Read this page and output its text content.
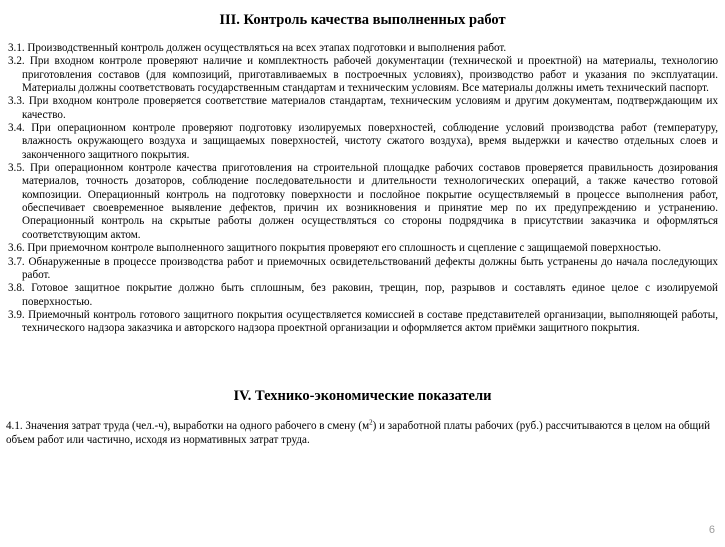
III. Контроль качества выполненных работ

3.1. Производственный контроль должен осуществляться на всех этапах подготовки и выполнения работ.

3.2. При входном контроле проверяют наличие и комплектность рабочей документации (технической и проектной) на материалы, технологию приготовления составов (для композиций, приготавливаемых в построечных условиях), производство работ и указания по эксплуатации. Материалы должны соответствовать государственным стандартам и техническим условиям. Все материалы должны иметь технический паспорт.

3.3. При входном контроле проверяется соответствие материалов стандартам, техническим условиям и другим документам, подтверждающим их качество.

3.4. При операционном контроле проверяют подготовку изолируемых поверхностей, соблюдение условий производства работ (температуру, влажность окружающего воздуха и защищаемых поверхностей, чистоту сжатого воздуха), время выдержки и качество отдельных слоев и законченного защитного покрытия.

3.5. При операционном контроле качества приготовления на строительной площадке рабочих составов проверяется правильность дозирования материалов, точность дозаторов, соблюдение последовательности и длительности технологических операций, а также качество готовой композиции. Операционный контроль на подготовку поверхности и послойное покрытие осуществляемый в процессе выполнения работ, обеспечивает своевременное выявление дефектов, причин их возникновения и принятие мер по их предупреждению и устранению. Операционный контроль на скрытые работы должен осуществляться со стороны подрядчика в присутствии заказчика и оформляться соответствующим актом.

3.6. При приемочном контроле выполненного защитного покрытия проверяют его сплошность и сцепление с защищаемой поверхностью.

3.7. Обнаруженные в процессе производства работ и приемочных освидетельствований дефекты должны быть устранены до начала последующих работ.

3.8. Готовое защитное покрытие должно быть сплошным, без раковин, трещин, пор, разрывов и составлять единое целое с изолируемой поверхностью.

3.9. Приемочный контроль готового защитного покрытия осуществляется комиссией в составе представителей организации, выполняющей работы, технического надзора заказчика и авторского надзора проектной организации и оформляется актом приёмки защитного покрытия.

IV. Технико-экономические показатели

4.1. Значения затрат труда (чел.-ч), выработки на одного рабочего в смену $(м^2)$ и заработной платы рабочих (руб.) рассчитываются в целом на общий объем работ или частично, исходя из нормативных затрат труда.

6
